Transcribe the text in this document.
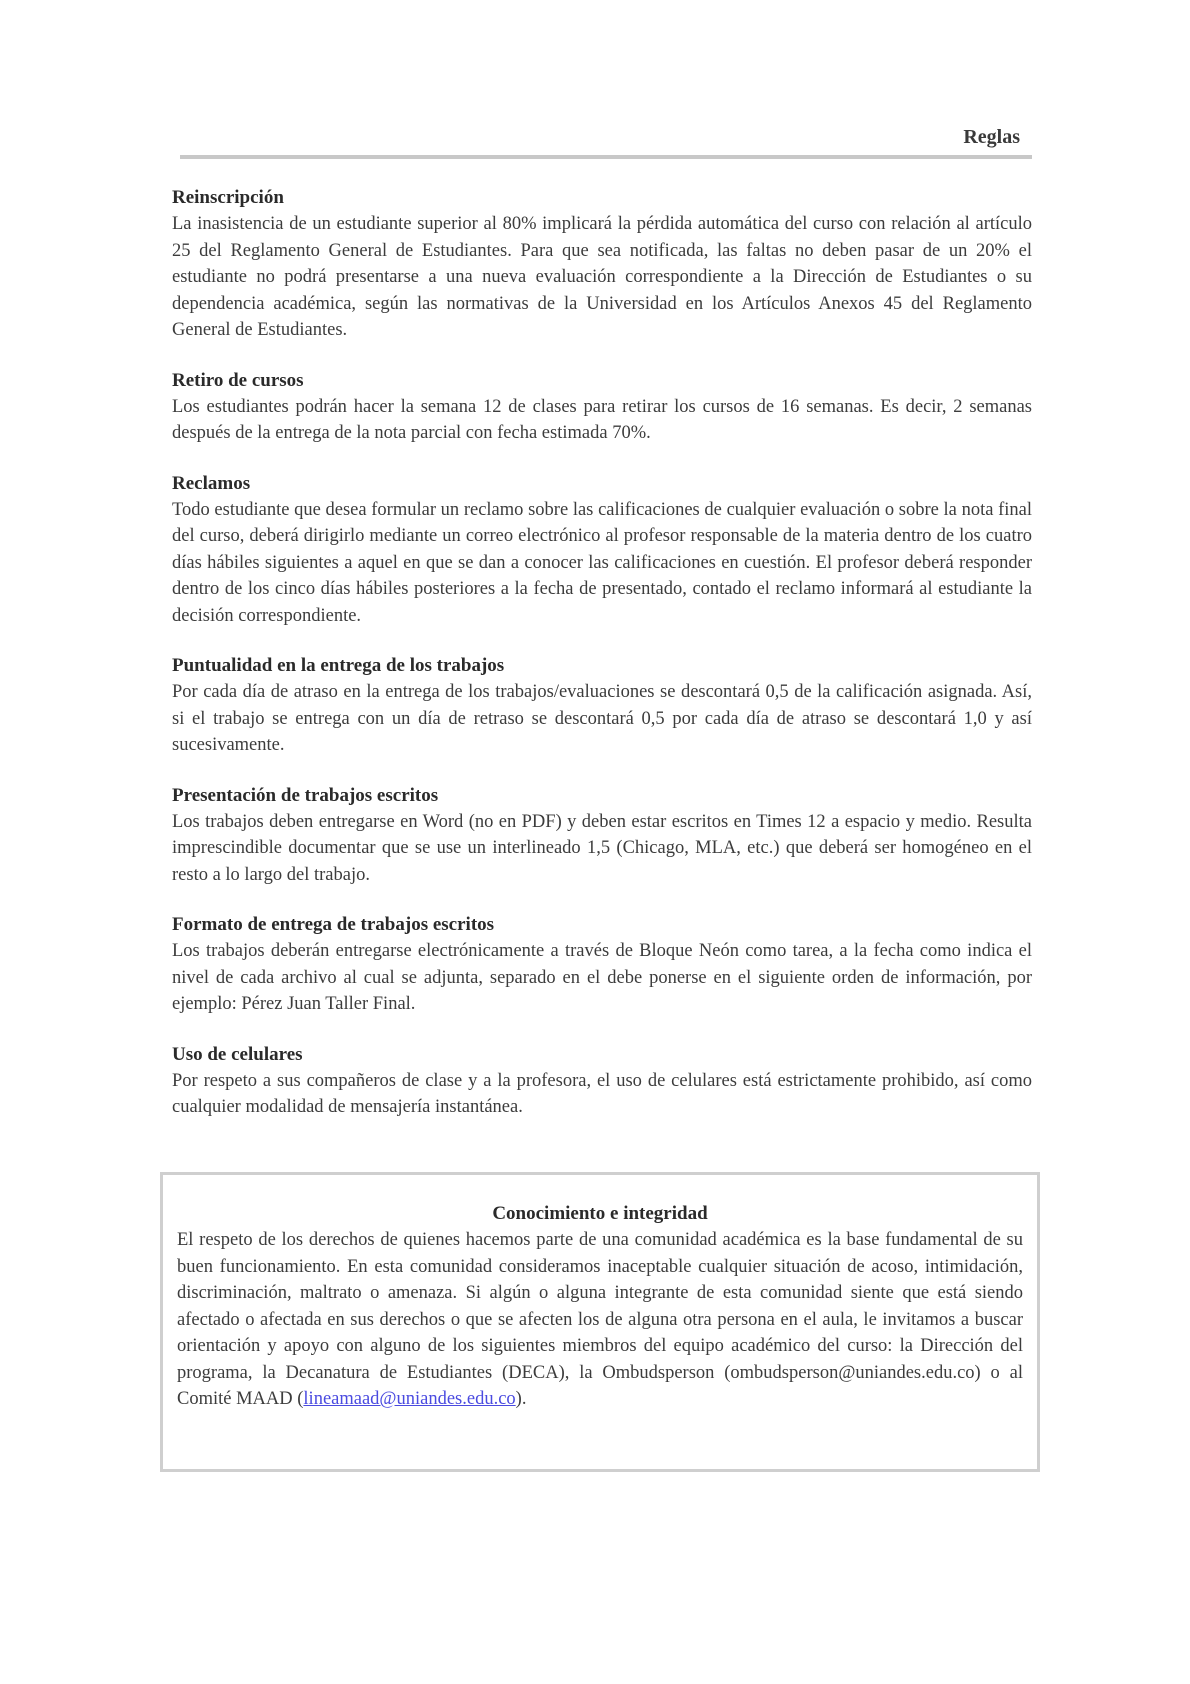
Reglas
Reinscripción

La inasistencia de un estudiante superior al 80% implicará la pérdida automática del curso con relación al artículo 25 del Reglamento General de Estudiantes. Para que sea notificada, las faltas no deben pasar de un 20% el estudiante no podrá presentarse a una nueva evaluación correspondiente a la Dirección de Estudiantes o su dependencia académica, según las normativas de la Universidad en los Artículos Anexos 45 del Reglamento General de Estudiantes.

Retiro de cursos

Los estudiantes podrán hacer la semana 12 de clases para retirar los cursos de 16 semanas. Es decir, 2 semanas después de la entrega de la nota parcial con fecha estimada 70%.

Reclamos

Todo estudiante que desea formular un reclamo sobre las calificaciones de cualquier evaluación o sobre la nota final del curso, deberá dirigirlo mediante un correo electrónico al profesor responsable de la materia dentro de los cuatro días hábiles siguientes a aquel en que se dan a conocer las calificaciones en cuestión. El profesor deberá responder dentro de los cinco días hábiles posteriores a la fecha de presentado, contado el reclamo informará al estudiante la decisión correspondiente.

Puntualidad en la entrega de los trabajos

Por cada día de atraso en la entrega de los trabajos/evaluaciones se descontará 0,5 de la calificación asignada. Así, si el trabajo se entrega con un día de retraso se descontará 0,5 por cada día de atraso se descontará 1,0 y así sucesivamente.

Presentación de trabajos escritos

Los trabajos deben entregarse en Word (no en PDF) y deben estar escritos en Times 12 a espacio y medio. Resulta imprescindible documentar que se use un interlineado 1,5 (Chicago, MLA, etc.) que deberá ser homogéneo en el resto a lo largo del trabajo.

Formato de entrega de trabajos escritos

Los trabajos deberán entregarse electrónicamente a través de Bloque Neón como tarea, a la fecha como indica el nivel de cada archivo al cual se adjunta, separado en el debe ponerse en el siguiente orden de información, por ejemplo: Pérez Juan Taller Final.

Uso de celulares

Por respeto a sus compañeros de clase y a la profesora, el uso de celulares está estrictamente prohibido, así como cualquier modalidad de mensajería instantánea.

Conocimiento e integridad

El respeto de los derechos de quienes hacemos parte de una comunidad académica es la base fundamental de su buen funcionamiento. En esta comunidad consideramos inaceptable cualquier situación de acoso, intimidación, discriminación, maltrato o amenaza. Si algún o alguna integrante de esta comunidad siente que está siendo afectado o afectada en sus derechos o que se afecten los de alguna otra persona en el aula, le invitamos a buscar orientación y apoyo con alguno de los siguientes miembros del equipo académico del curso: la Dirección del programa, la Decanatura de Estudiantes (DECA), la Ombudsperson (ombudsperson@uniandes.edu.co) o al Comité MAAD (lineamaad@uniandes.edu.co).
